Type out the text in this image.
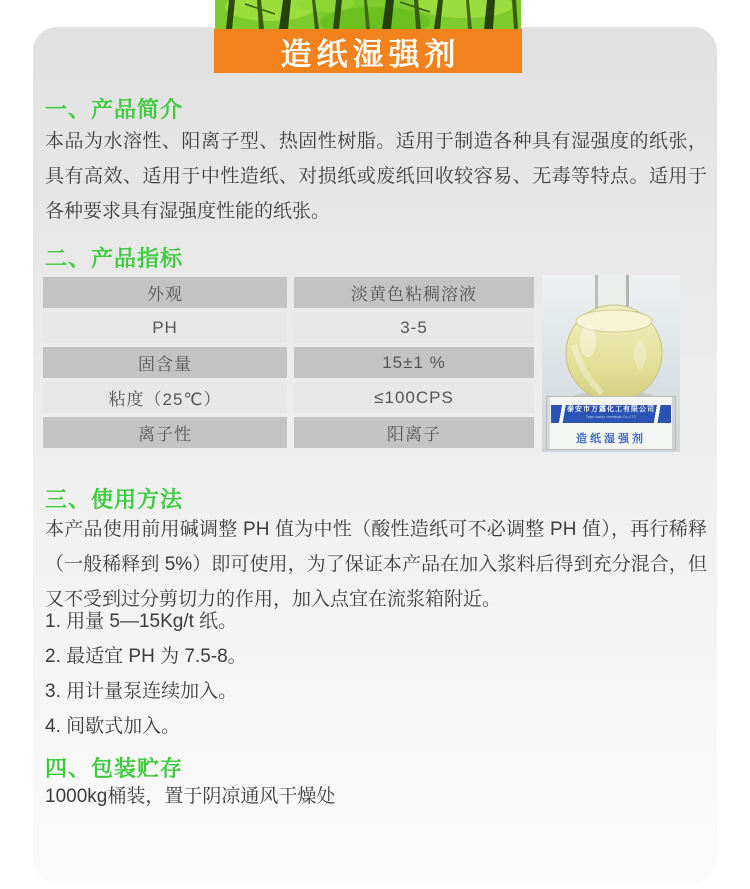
造纸湿强剂
一、产品简介
本品为水溶性、阳离子型、热固性树脂。适用于制造各种具有湿强度的纸张，具有高效、适用于中性造纸、对损纸或废纸回收较容易、无毒等特点。适用于各种要求具有湿强度性能的纸张。
二、产品指标
外观	淡黄色粘稠溶液
PH	3-5
固含量	15±1 %
粘度（25℃）	≤100CPS
离子性	阳离子
泰安市万露化工有限公司
Taian wanlu chemicals Co.,LTD
造纸湿强剂
三、使用方法
本产品使用前用碱调整 PH 值为中性（酸性造纸可不必调整 PH 值），再行稀释（一般稀释到 5%）即可使用，为了保证本产品在加入浆料后得到充分混合，但又不受到过分剪切力的作用，加入点宜在流浆箱附近。
1. 用量 5—15Kg/t 纸。
2. 最适宜 PH 为 7.5-8。
3. 用计量泵连续加入。
4. 间歇式加入。
四、包装贮存
1000kg桶装，置于阴凉通风干燥处
